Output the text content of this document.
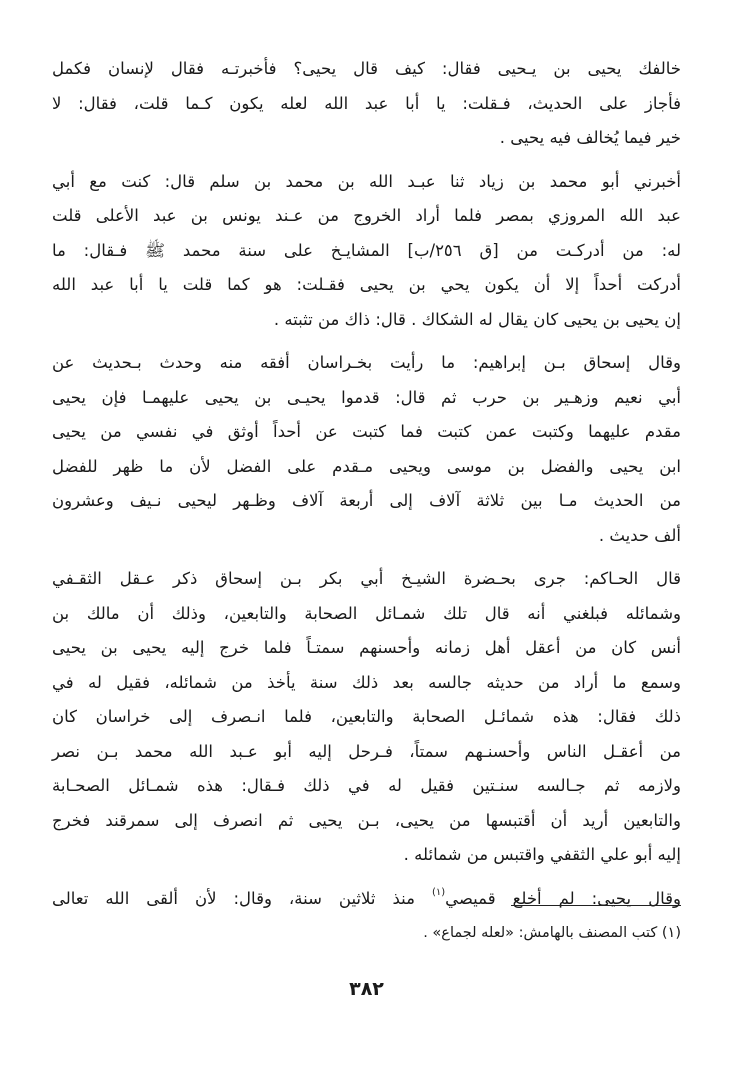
خالفك يحيى بن يـحيى فقال: كيف قال يحيى؟ فأخبرتـه فقال لإنسان فكمل
فأجاز على الحديث، فـقلت: يا أبا عبد الله لعله يكون كـما قلت، فقال: لا
خير فيما يُخالف فيه يحيى .
أخبرني أبو محمد بن زياد ثنا عبـد الله بن محمد بن سلم قال: كنت مع أبي
عبد الله المروزي بمصر فلما أراد الخروج من عـند يونس بن عبد الأعلى قلت
له: من أدركـت من [ق ٢٥٦/ب] المشايـخ على سنة محمد ﷺ فـقال: ما
أدركت أحداً إلا أن يكون يحي بن يحيى فقـلت: هو كما قلت يا أبا عبد الله
إن يحيى بن يحيى كان يقال له الشكاك . قال: ذاك من تثبته .
وقال إسحاق بـن إبراهيم: ما رأيت بخـراسان أفقه منه وحدث بـحديث عن
أبي نعيم وزهـير بن حرب ثم قال: قدموا يحيـى بن يحيى عليهمـا فإن يحيى
مقدم عليهما وكتبت عمن كتبت فما كتبت عن أحداً أوثق في نفسي من يحيى
ابن يحيى والفضل بن موسى ويحيى مـقدم على الفضل لأن ما ظهر للفضل
من الحديث مـا بين ثلاثة آلاف إلى أربعة آلاف وظـهر ليحيى نـيف وعشرون
ألف حديث .
قال الحـاكم: جرى بحـضرة الشيـخ أبي بكر بـن إسحاق ذكر عـقل الثقـفي
وشمائله فبلغني أنه قال تلك شمـائل الصحابة والتابعين، وذلك أن مالك بن
أنس كان من أعقل أهل زمانه وأحسنهم سمتـاً فلما خرج إليه يحيى بن يحيى
وسمع ما أراد من حديثه جالسه بعد ذلك سنة يأخذ من شمائله، فقيل له في
ذلك فقال: هذه شمائـل الصحابة والتابعين، فلما انـصرف إلى خراسان كان
من أعقـل الناس وأحسنـهم سمتاً، فـرحل إليه أبو عـبد الله محمد بـن نصر
ولازمه ثم جـالسه سنـتين فقيل له في ذلك فـقال: هذه شمـائل الصحـابة
والتابعين أريد أن أقتبسها من يحيى، بـن يحيى ثم انصرف إلى سمرقند فخرج
إليه أبو علي الثقفي واقتبس من شمائله .
وقال يحيى: لم أخلع قميصي$^{(١)}$ منذ ثلاثين سنة، وقال: لأن ألقى الله تعالى
(١) كتب المصنف بالهامش: «لعله لجماع» .
٣٨٢
